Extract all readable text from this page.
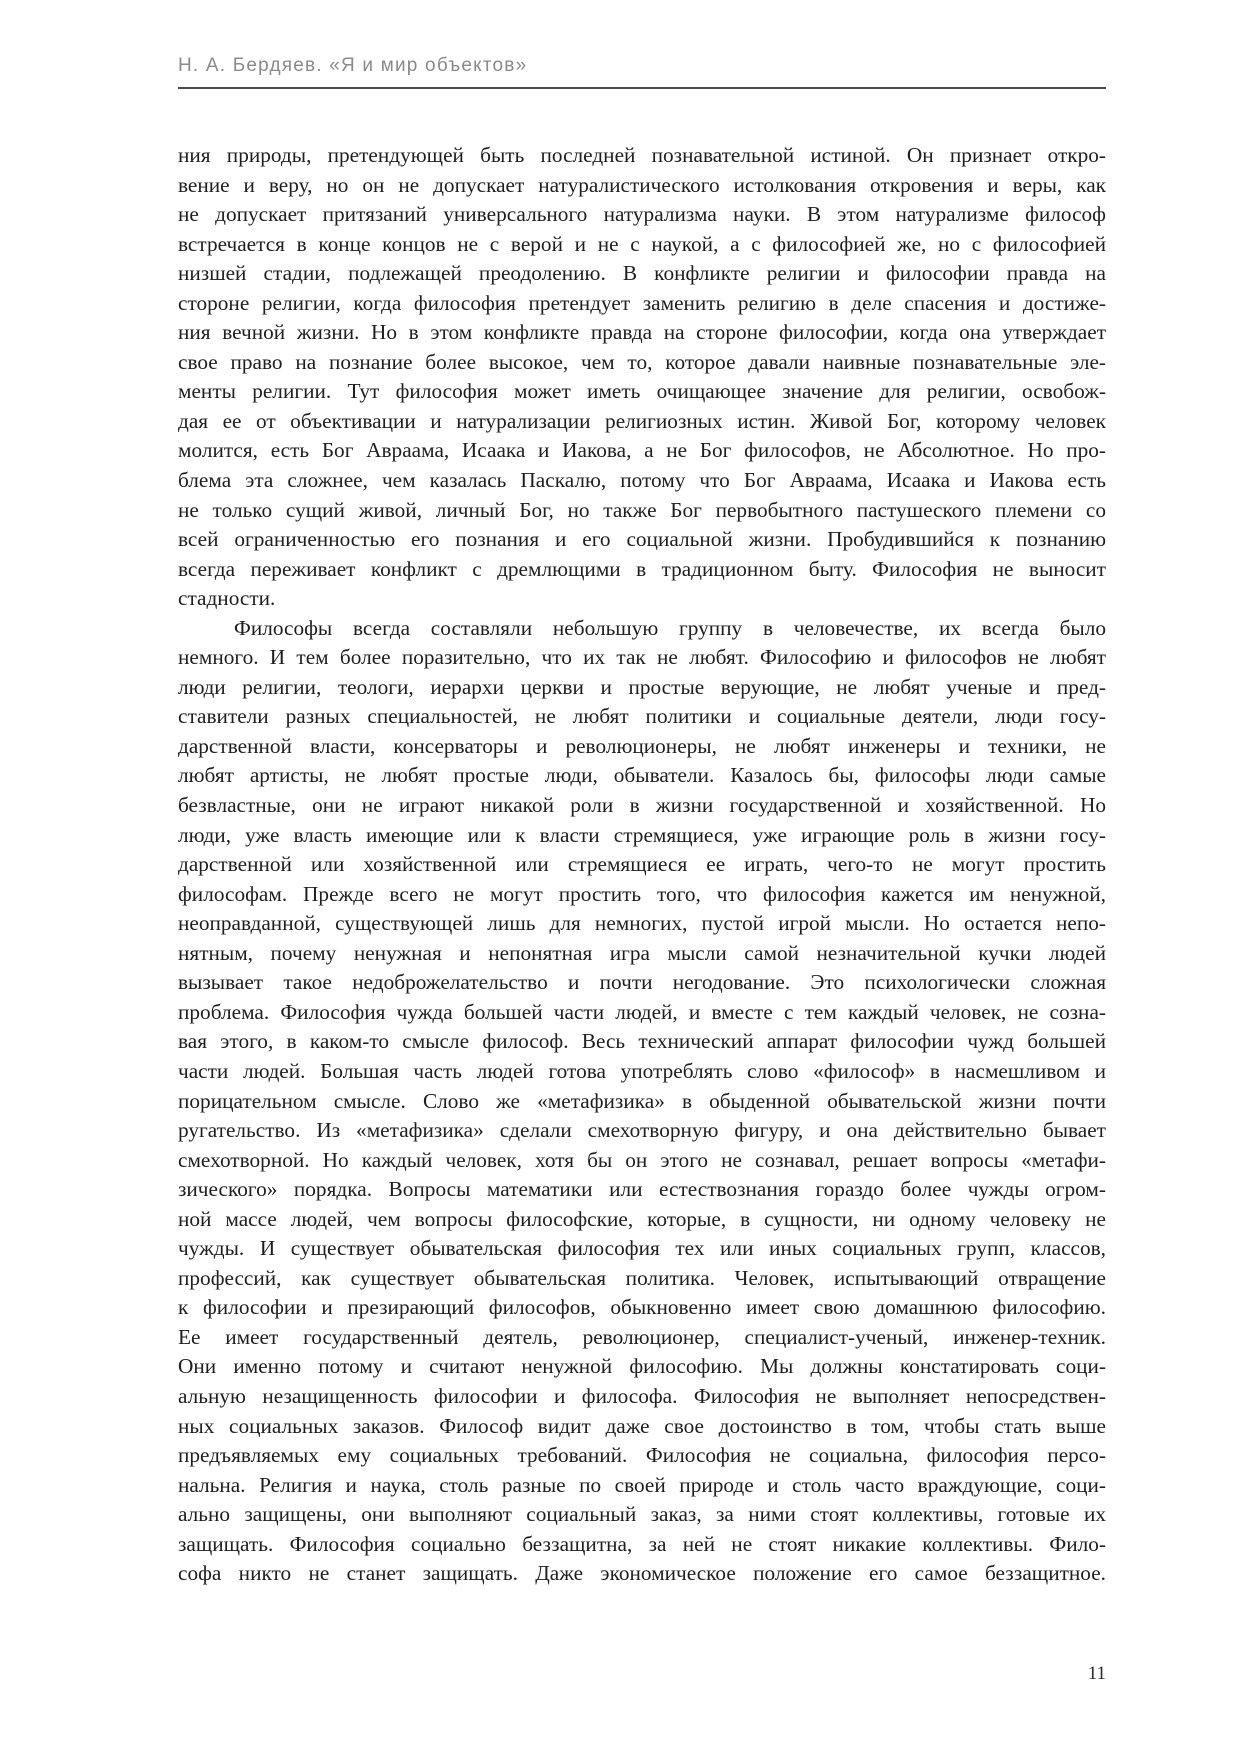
Н. А. Бердяев. «Я и мир объектов»
ния природы, претендующей быть последней познавательной истиной. Он признает откро-
вение и веру, но он не допускает натуралистического истолкования откровения и веры, как
не допускает притязаний универсального натурализма науки. В этом натурализме философ
встречается в конце концов не с верой и не с наукой, а с философией же, но с философией
низшей стадии, подлежащей преодолению. В конфликте религии и философии правда на
стороне религии, когда философия претендует заменить религию в деле спасения и достиже-
ния вечной жизни. Но в этом конфликте правда на стороне философии, когда она утверждает
свое право на познание более высокое, чем то, которое давали наивные познавательные эле-
менты религии. Тут философия может иметь очищающее значение для религии, освобож-
дая ее от объективации и натурализации религиозных истин. Живой Бог, которому человек
молится, есть Бог Авраама, Исаака и Иакова, а не Бог философов, не Абсолютное. Но про-
блема эта сложнее, чем казалась Паскалю, потому что Бог Авраама, Исаака и Иакова есть
не только сущий живой, личный Бог, но также Бог первобытного пастушеского племени со
всей ограниченностью его познания и его социальной жизни. Пробудившийся к познанию
всегда переживает конфликт с дремлющими в традиционном быту. Философия не выносит
стадности.
Философы всегда составляли небольшую группу в человечестве, их всегда было
немного. И тем более поразительно, что их так не любят. Философию и философов не любят
люди религии, теологи, иерархи церкви и простые верующие, не любят ученые и пред-
ставители разных специальностей, не любят политики и социальные деятели, люди госу-
дарственной власти, консерваторы и революционеры, не любят инженеры и техники, не
любят артисты, не любят простые люди, обыватели. Казалось бы, философы люди самые
безвластные, они не играют никакой роли в жизни государственной и хозяйственной. Но
люди, уже власть имеющие или к власти стремящиеся, уже играющие роль в жизни госу-
дарственной или хозяйственной или стремящиеся ее играть, чего-то не могут простить
философам. Прежде всего не могут простить того, что философия кажется им ненужной,
неоправданной, существующей лишь для немногих, пустой игрой мысли. Но остается непо-
нятным, почему ненужная и непонятная игра мысли самой незначительной кучки людей
вызывает такое недоброжелательство и почти негодование. Это психологически сложная
проблема. Философия чужда большей части людей, и вместе с тем каждый человек, не созна-
вая этого, в каком-то смысле философ. Весь технический аппарат философии чужд большей
части людей. Большая часть людей готова употреблять слово «философ» в насмешливом и
порицательном смысле. Слово же «метафизика» в обыденной обывательской жизни почти
ругательство. Из «метафизика» сделали смехотворную фигуру, и она действительно бывает
смехотворной. Но каждый человек, хотя бы он этого не сознавал, решает вопросы «метафи-
зического» порядка. Вопросы математики или естествознания гораздо более чужды огром-
ной массе людей, чем вопросы философские, которые, в сущности, ни одному человеку не
чужды. И существует обывательская философия тех или иных социальных групп, классов,
профессий, как существует обывательская политика. Человек, испытывающий отвращение
к философии и презирающий философов, обыкновенно имеет свою домашнюю философию.
Ее имеет государственный деятель, революционер, специалист-ученый, инженер-техник.
Они именно потому и считают ненужной философию. Мы должны констатировать соци-
альную незащищенность философии и философа. Философия не выполняет непосредствен-
ных социальных заказов. Философ видит даже свое достоинство в том, чтобы стать выше
предъявляемых ему социальных требований. Философия не социальна, философия персо-
нальна. Религия и наука, столь разные по своей природе и столь часто враждующие, соци-
ально защищены, они выполняют социальный заказ, за ними стоят коллективы, готовые их
защищать. Философия социально беззащитна, за ней не стоят никакие коллективы. Фило-
софа никто не станет защищать. Даже экономическое положение его самое беззащитное.
11
